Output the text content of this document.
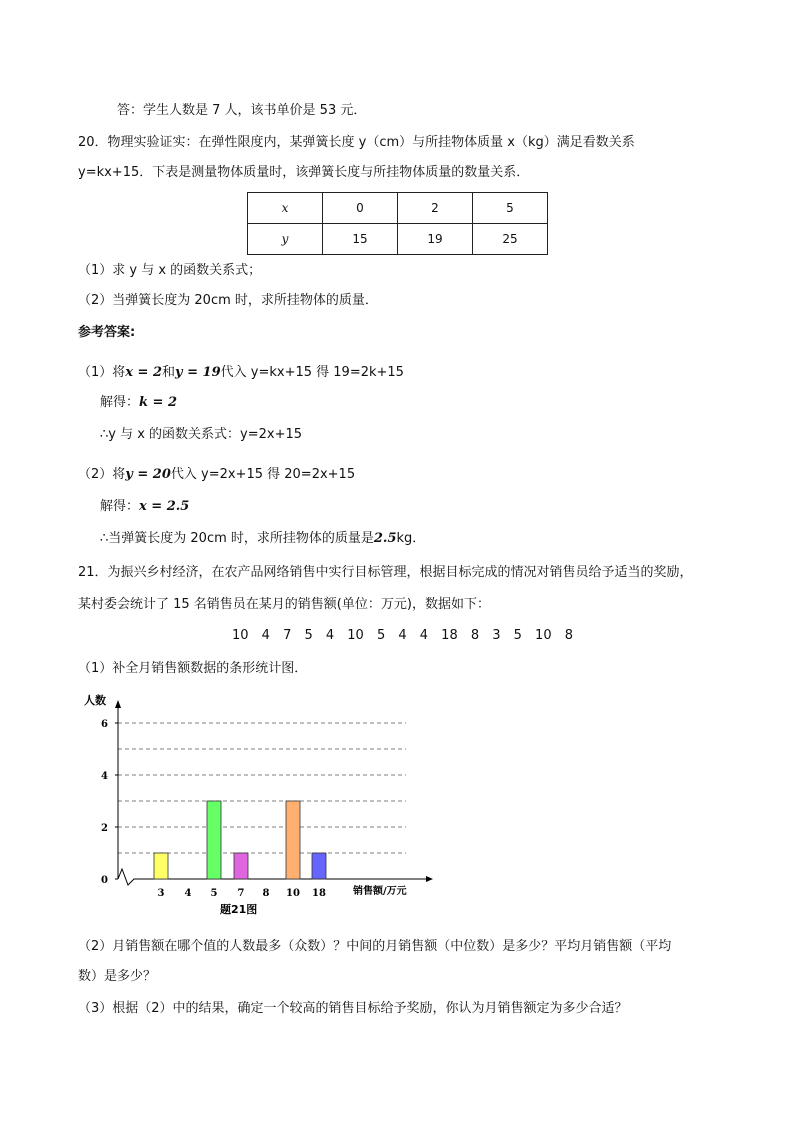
答：学生人数是 7 人，该书单价是 53 元．
20．物理实验证实：在弹性限度内，某弹簧长度 y（cm）与所挂物体质量 x（kg）满足看数关系
y=kx+15．下表是测量物体质量时，该弹簧长度与所挂物体质量的数量关系．
x	0	2	5
y	15	19	25
（1）求 y 与 x 的函数关系式；
（2）当弹簧长度为 20cm 时，求所挂物体的质量．
参考答案:
（1）将x = 2和y = 19代入 y=kx+15 得 19=2k+15
解得：k = 2
∴y 与 x 的函数关系式：y=2x+15
（2）将y = 20代入 y=2x+15 得 20=2x+15
解得：x = 2.5
∴当弹簧长度为 20cm 时，求所挂物体的质量是2.5kg．
21．为振兴乡村经济，在农产品网络销售中实行目标管理，根据目标完成的情况对销售员给予适当的奖励，
某村委会统计了 15 名销售员在某月的销售额(单位：万元)，数据如下：
10 4 7 5 4 10 5 4 4 18 8 3 5 10 8
（1）补全月销售额数据的条形统计图．
0
2
4
6
人数
3 4 5 7 8 10 18	销售额/万元
题21图
（2）月销售额在哪个值的人数最多（众数）？中间的月销售额（中位数）是多少？平均月销售额（平均
数）是多少？
（3）根据（2）中的结果，确定一个较高的销售目标给予奖励，你认为月销售额定为多少合适？
